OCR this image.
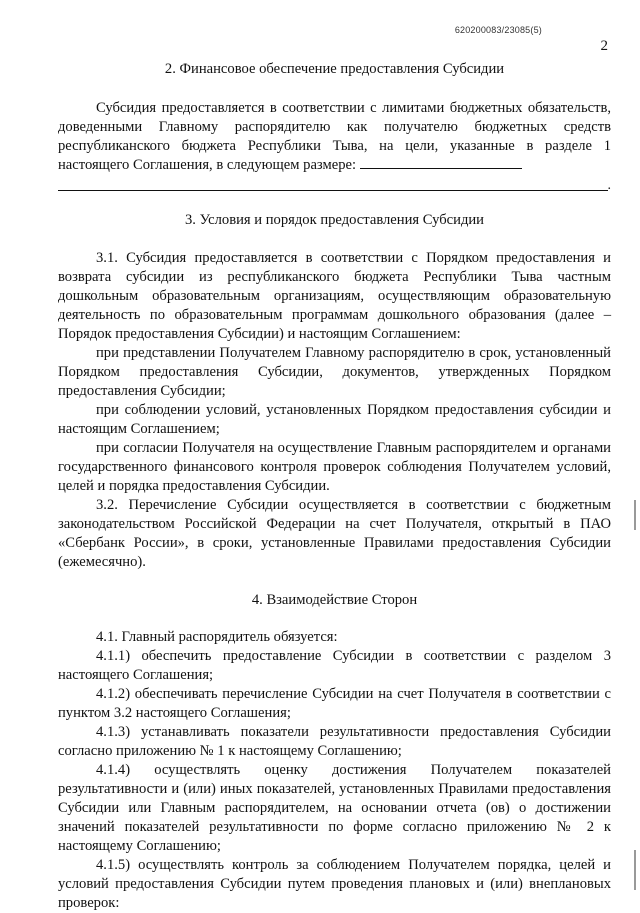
620200083/23085(5)
2
2. Финансовое обеспечение предоставления Субсидии

Субсидия предоставляется в соответствии с лимитами бюджетных обязательств, доведенными Главному распорядителю как получателю бюджетных средств республиканского бюджета Республики Тыва, на цели, указанные в разделе 1 настоящего Соглашения, в следующем размере:

.
3. Условия и порядок предоставления Субсидии

3.1. Субсидия предоставляется в соответствии с Порядком предоставления и возврата субсидии из республиканского бюджета Республики Тыва частным дошкольным образовательным организациям, осуществляющим образовательную деятельность по образовательным программам дошкольного образования (далее – Порядок предоставления Субсидии) и настоящим Соглашением:

при представлении Получателем Главному распорядителю в срок, установленный Порядком предоставления Субсидии, документов, утвержденных Порядком предоставления Субсидии;

при соблюдении условий, установленных Порядком предоставления субсидии и настоящим Соглашением;

при согласии Получателя на осуществление Главным распорядителем и органами государственного финансового контроля проверок соблюдения Получателем условий, целей и порядка предоставления Субсидии.

3.2. Перечисление Субсидии осуществляется в соответствии с бюджетным законодательством Российской Федерации на счет Получателя, открытый в ПАО «Сбербанк России», в сроки, установленные Правилами предоставления Субсидии (ежемесячно).

4. Взаимодействие Сторон

4.1. Главный распорядитель обязуется:

4.1.1) обеспечить предоставление Субсидии в соответствии с разделом 3 настоящего Соглашения;

4.1.2) обеспечивать перечисление Субсидии на счет Получателя в соответствии с пунктом 3.2 настоящего Соглашения;

4.1.3) устанавливать показатели результативности предоставления Субсидии согласно приложению № 1 к настоящему Соглашению;

4.1.4) осуществлять оценку достижения Получателем показателей результативности и (или) иных показателей, установленных Правилами предоставления Субсидии или Главным распорядителем, на основании отчета (ов) о достижении значений показателей результативности по форме согласно приложению № 2 к настоящему Соглашению;

4.1.5) осуществлять контроль за соблюдением Получателем порядка, целей и условий предоставления Субсидии путем проведения плановых и (или) внеплановых проверок:
